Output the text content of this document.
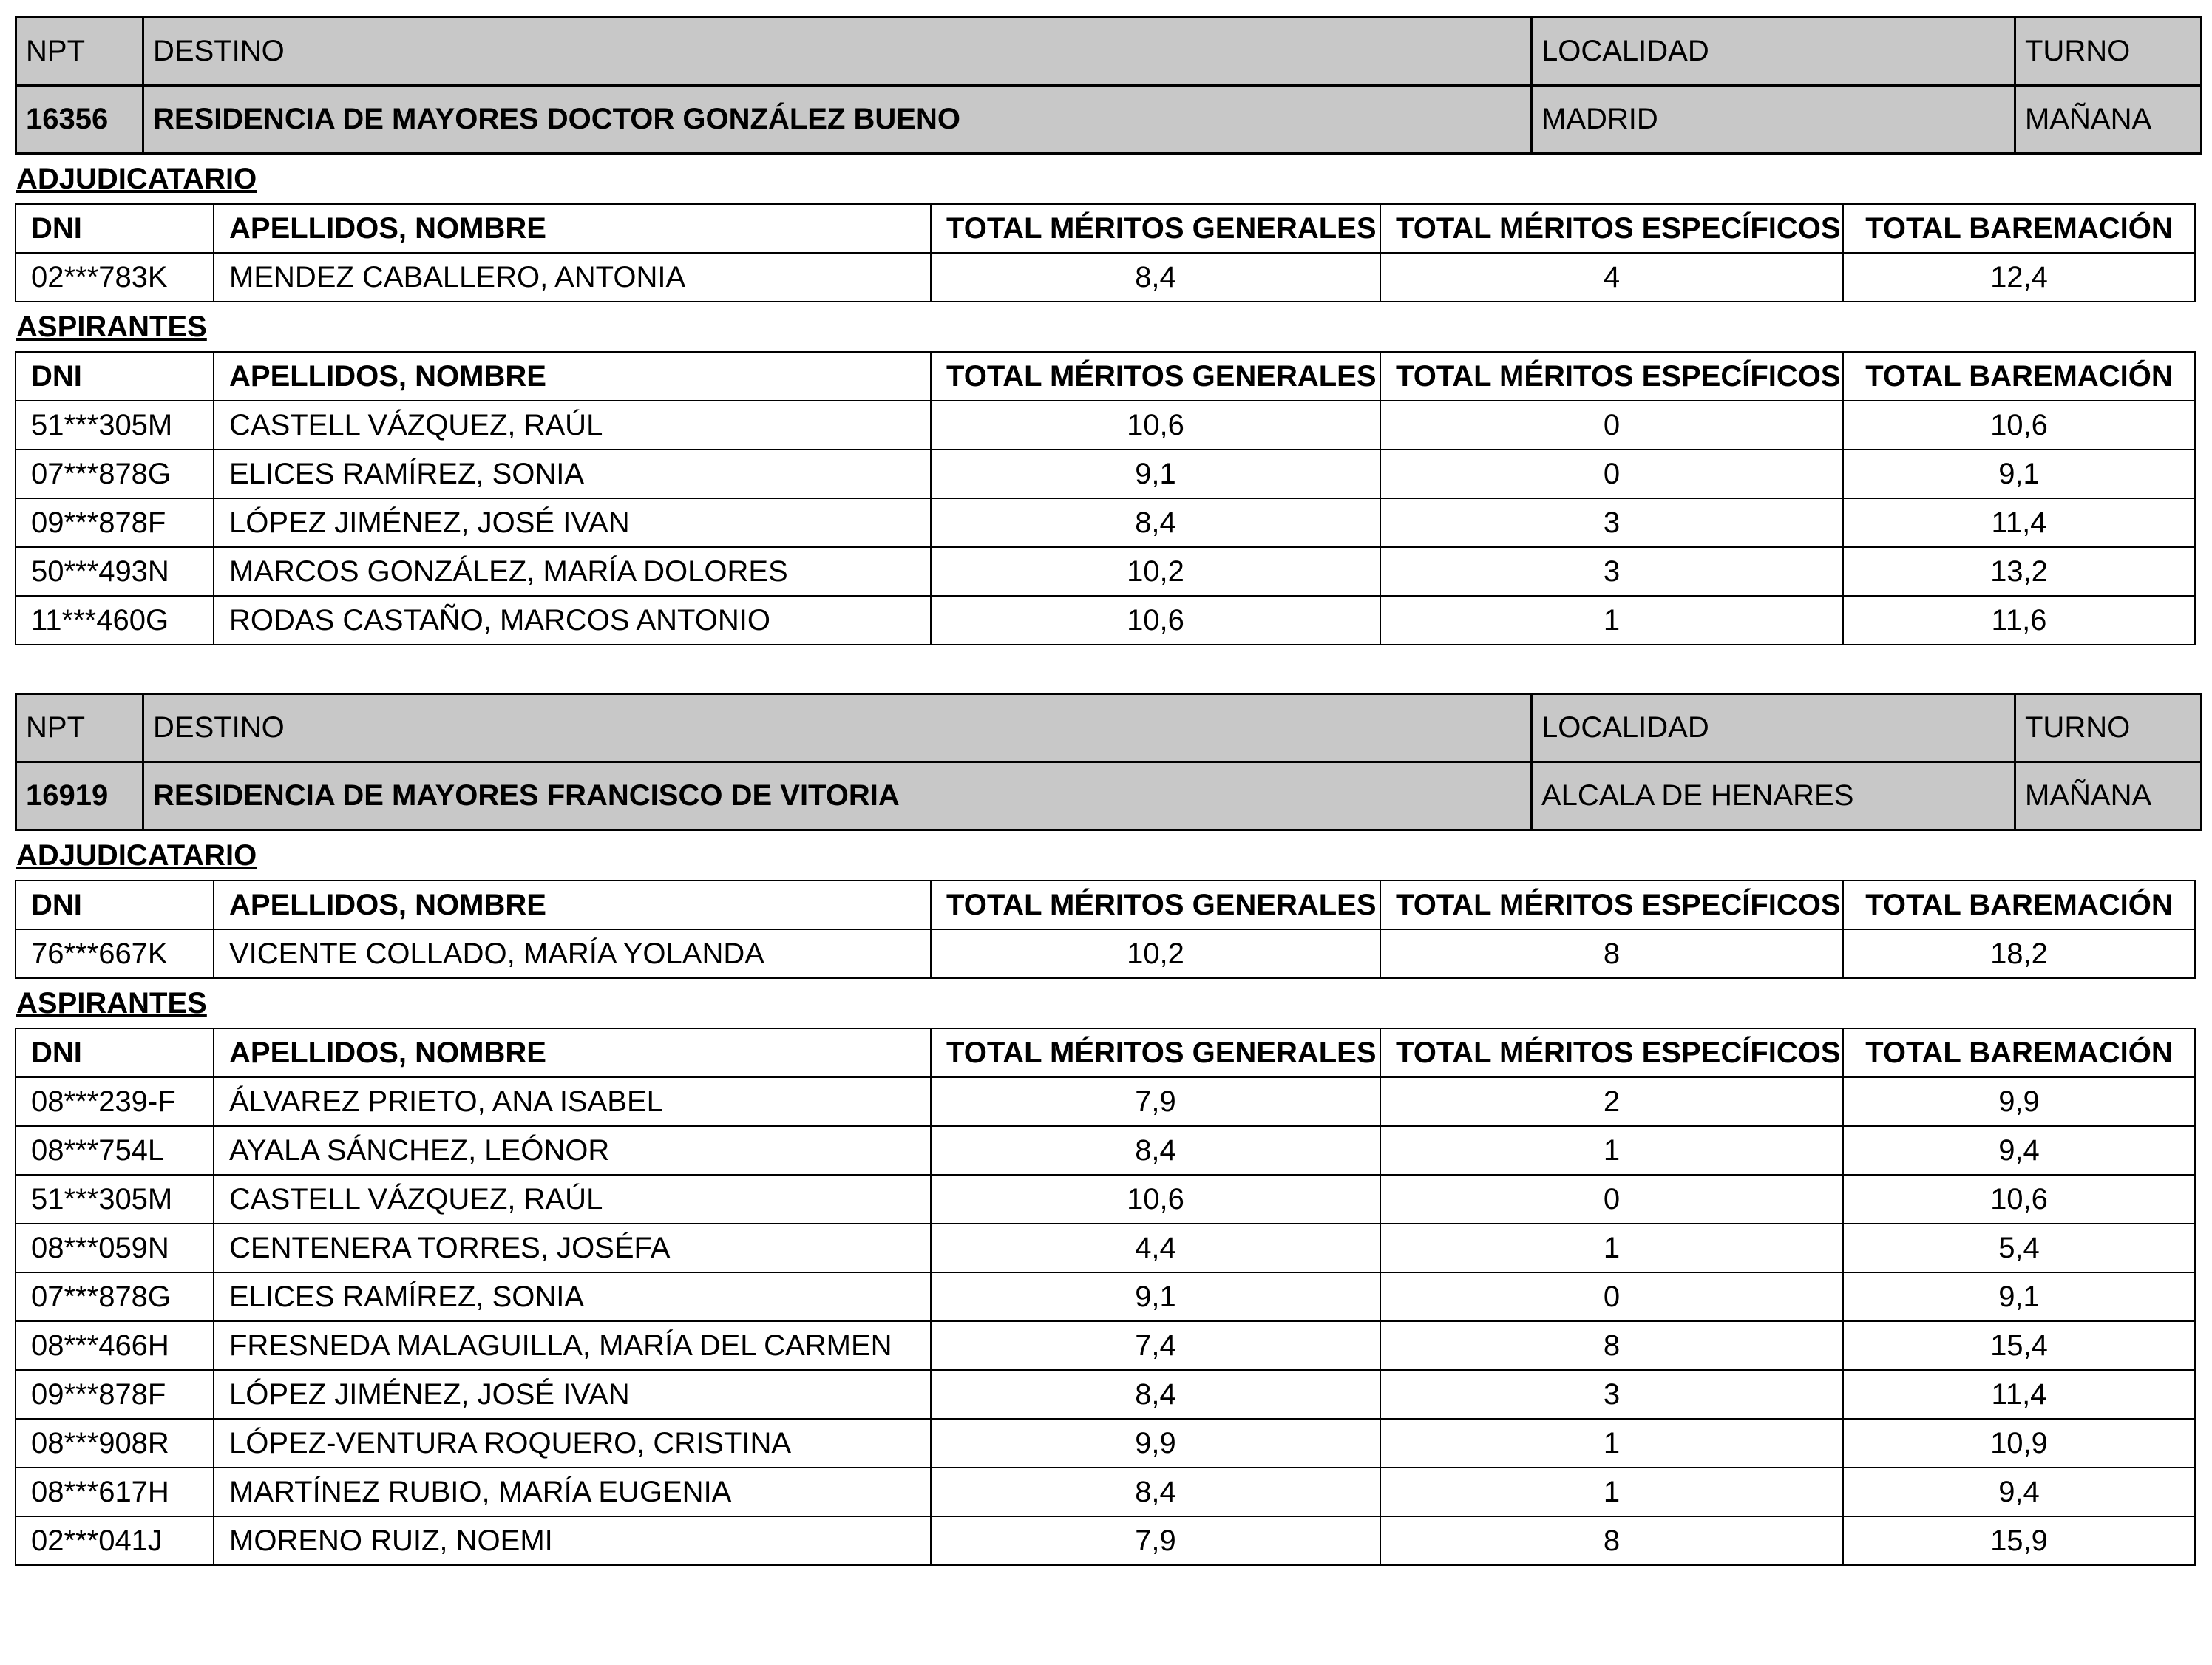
NPT	DESTINO	LOCALIDAD	TURNO
16356	RESIDENCIA DE MAYORES DOCTOR GONZÁLEZ BUENO	MADRID	MAÑANA
ADJUDICATARIO
DNI	APELLIDOS, NOMBRE	TOTAL MÉRITOS GENERALES	TOTAL MÉRITOS ESPECÍFICOS	TOTAL BAREMACIÓN
02***783K	MENDEZ CABALLERO, ANTONIA	8,4	4	12,4
ASPIRANTES
DNI	APELLIDOS, NOMBRE	TOTAL MÉRITOS GENERALES	TOTAL MÉRITOS ESPECÍFICOS	TOTAL BAREMACIÓN
51***305M	CASTELL VÁZQUEZ, RAÚL	10,6	0	10,6
07***878G	ELICES RAMÍREZ, SONIA	9,1	0	9,1
09***878F	LÓPEZ JIMÉNEZ, JOSÉ IVAN	8,4	3	11,4
50***493N	MARCOS GONZÁLEZ, MARÍA DOLORES	10,2	3	13,2
11***460G	RODAS CASTAÑO, MARCOS ANTONIO	10,6	1	11,6
NPT	DESTINO	LOCALIDAD	TURNO
16919	RESIDENCIA DE MAYORES FRANCISCO DE VITORIA	ALCALA DE HENARES	MAÑANA
ADJUDICATARIO
DNI	APELLIDOS, NOMBRE	TOTAL MÉRITOS GENERALES	TOTAL MÉRITOS ESPECÍFICOS	TOTAL BAREMACIÓN
76***667K	VICENTE COLLADO, MARÍA YOLANDA	10,2	8	18,2
ASPIRANTES
DNI	APELLIDOS, NOMBRE	TOTAL MÉRITOS GENERALES	TOTAL MÉRITOS ESPECÍFICOS	TOTAL BAREMACIÓN
08***239-F	ÁLVAREZ PRIETO, ANA ISABEL	7,9	2	9,9
08***754L	AYALA SÁNCHEZ, LEÓNOR	8,4	1	9,4
51***305M	CASTELL VÁZQUEZ, RAÚL	10,6	0	10,6
08***059N	CENTENERA TORRES, JOSÉFA	4,4	1	5,4
07***878G	ELICES RAMÍREZ, SONIA	9,1	0	9,1
08***466H	FRESNEDA MALAGUILLA, MARÍA DEL CARMEN	7,4	8	15,4
09***878F	LÓPEZ JIMÉNEZ, JOSÉ IVAN	8,4	3	11,4
08***908R	LÓPEZ-VENTURA ROQUERO, CRISTINA	9,9	1	10,9
08***617H	MARTÍNEZ RUBIO, MARÍA EUGENIA	8,4	1	9,4
02***041J	MORENO RUIZ, NOEMI	7,9	8	15,9
